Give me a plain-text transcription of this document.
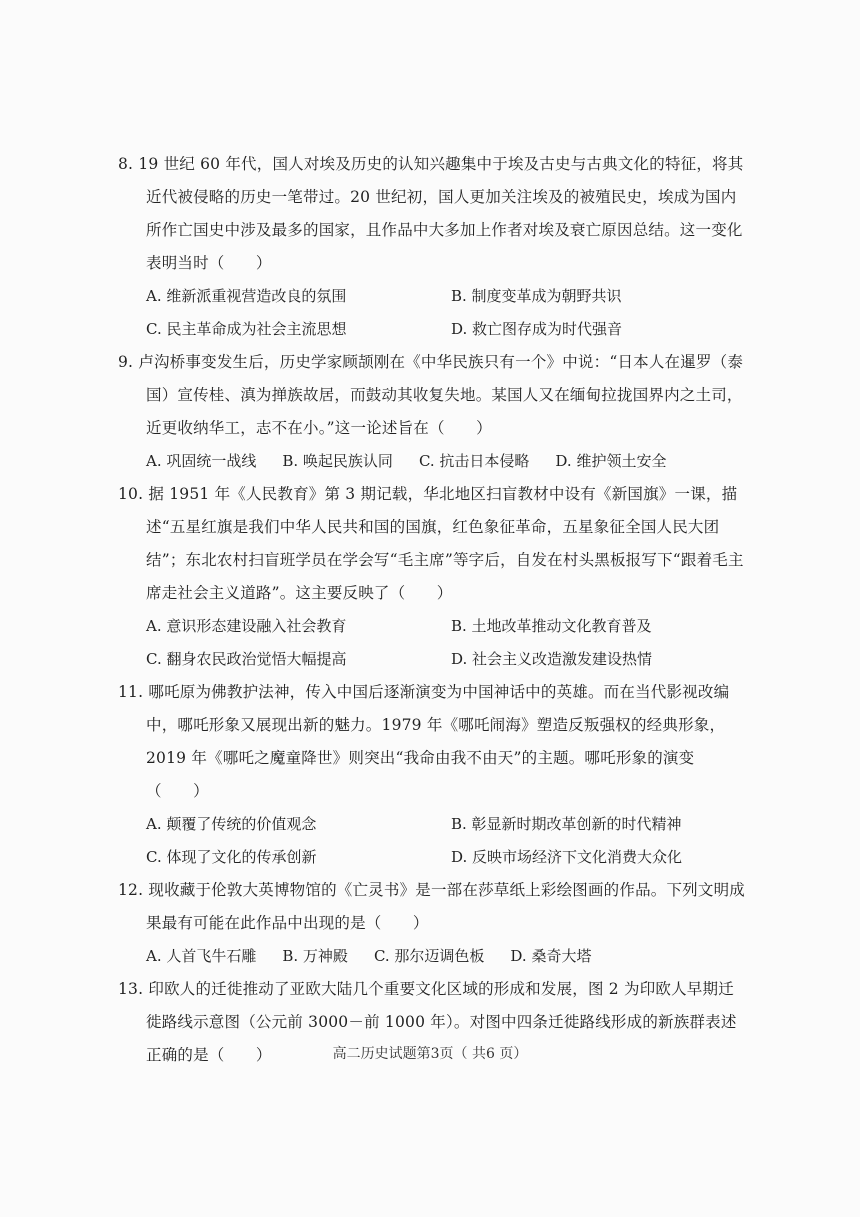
8. 19 世纪 60 年代，国人对埃及历史的认知兴趣集中于埃及古史与古典文化的特征，将其近代被侵略的历史一笔带过。20 世纪初，国人更加关注埃及的被殖民史，埃成为国内所作亡国史中涉及最多的国家，且作品中大多加上作者对埃及衰亡原因总结。这一变化表明当时（　　）
A. 维新派重视营造改良的氛围	B. 制度变革成为朝野共识
C. 民主革命成为社会主流思想	D. 救亡图存成为时代强音
9. 卢沟桥事变发生后，历史学家顾颉刚在《中华民族只有一个》中说：“日本人在暹罗（泰国）宣传桂、滇为掸族故居，而鼓动其收复失地。某国人又在缅甸拉拢国界内之土司，近更收纳华工，志不在小。”这一论述旨在（　　）
A. 巩固统一战线 B. 唤起民族认同 C. 抗击日本侵略 D. 维护领土安全
10. 据 1951 年《人民教育》第 3 期记载，华北地区扫盲教材中设有《新国旗》一课，描述“五星红旗是我们中华人民共和国的国旗，红色象征革命，五星象征全国人民大团结”；东北农村扫盲班学员在学会写“毛主席”等字后，自发在村头黑板报写下“跟着毛主席走社会主义道路”。这主要反映了（　　）
A. 意识形态建设融入社会教育	B. 土地改革推动文化教育普及
C. 翻身农民政治觉悟大幅提高	D. 社会主义改造激发建设热情
11. 哪吒原为佛教护法神，传入中国后逐渐演变为中国神话中的英雄。而在当代影视改编中，哪吒形象又展现出新的魅力。1979 年《哪吒闹海》塑造反叛强权的经典形象，2019 年《哪吒之魔童降世》则突出“我命由我不由天”的主题。哪吒形象的演变（　　）
A. 颠覆了传统的价值观念	B. 彰显新时期改革创新的时代精神
C. 体现了文化的传承创新	D. 反映市场经济下文化消费大众化
12. 现收藏于伦敦大英博物馆的《亡灵书》是一部在莎草纸上彩绘图画的作品。下列文明成果最有可能在此作品中出现的是（　　）
A. 人首飞牛石雕 B. 万神殿 C. 那尔迈调色板 D. 桑奇大塔
13. 印欧人的迁徙推动了亚欧大陆几个重要文化区域的形成和发展，图 2 为印欧人早期迁徙路线示意图（公元前 3000－前 1000 年）。对图中四条迁徙路线形成的新族群表述正确的是（　　）	高二历史试题第3页（ 共6 页）
